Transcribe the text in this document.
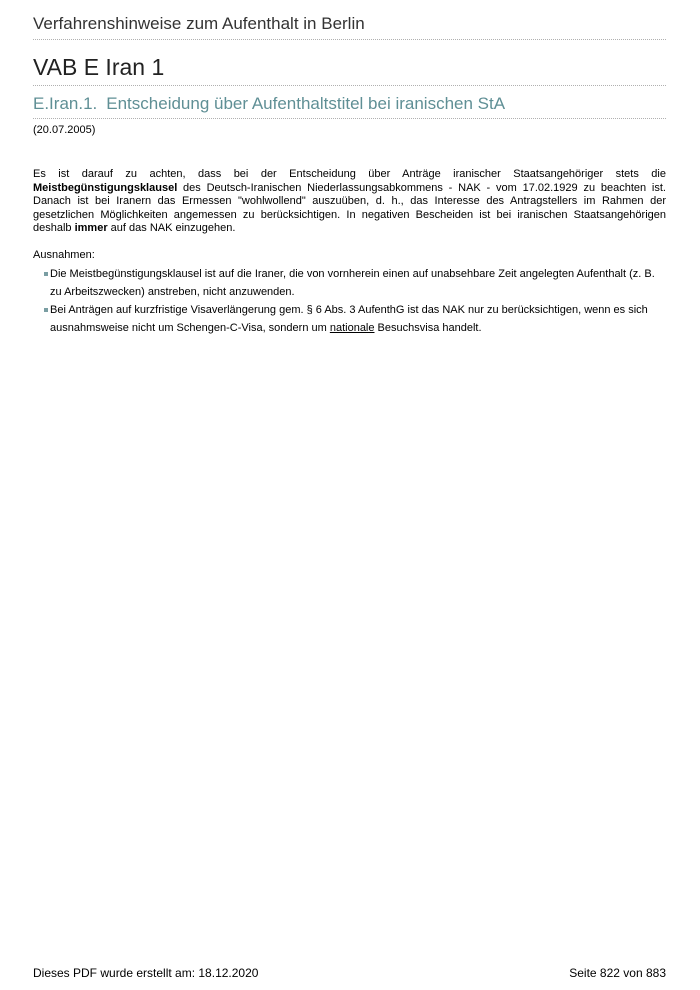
Verfahrenshinweise zum Aufenthalt in Berlin
VAB E Iran 1
E.Iran.1. Entscheidung über Aufenthaltstitel bei iranischen StA
(20.07.2005)
Es ist darauf zu achten, dass bei der Entscheidung über Anträge iranischer Staatsangehöriger stets die Meistbegünstigungsklausel des Deutsch-Iranischen Niederlassungsabkommens - NAK - vom 17.02.1929 zu beachten ist. Danach ist bei Iranern das Ermessen "wohlwollend" auszuüben, d. h., das Interesse des Antragstellers im Rahmen der gesetzlichen Möglichkeiten angemessen zu berücksichtigen. In negativen Bescheiden ist bei iranischen Staatsangehörigen deshalb immer auf das NAK einzugehen.
Ausnahmen:
Die Meistbegünstigungsklausel ist auf die Iraner, die von vornherein einen auf unabsehbare Zeit angelegten Aufenthalt (z. B. zu Arbeitszwecken) anstreben, nicht anzuwenden.
Bei Anträgen auf kurzfristige Visaverlängerung gem. § 6 Abs. 3 AufenthG ist das NAK nur zu berücksichtigen, wenn es sich ausnahmsweise nicht um Schengen-C-Visa, sondern um nationale Besuchsvisa handelt.
Dieses PDF wurde erstellt am: 18.12.2020	Seite 822 von 883
